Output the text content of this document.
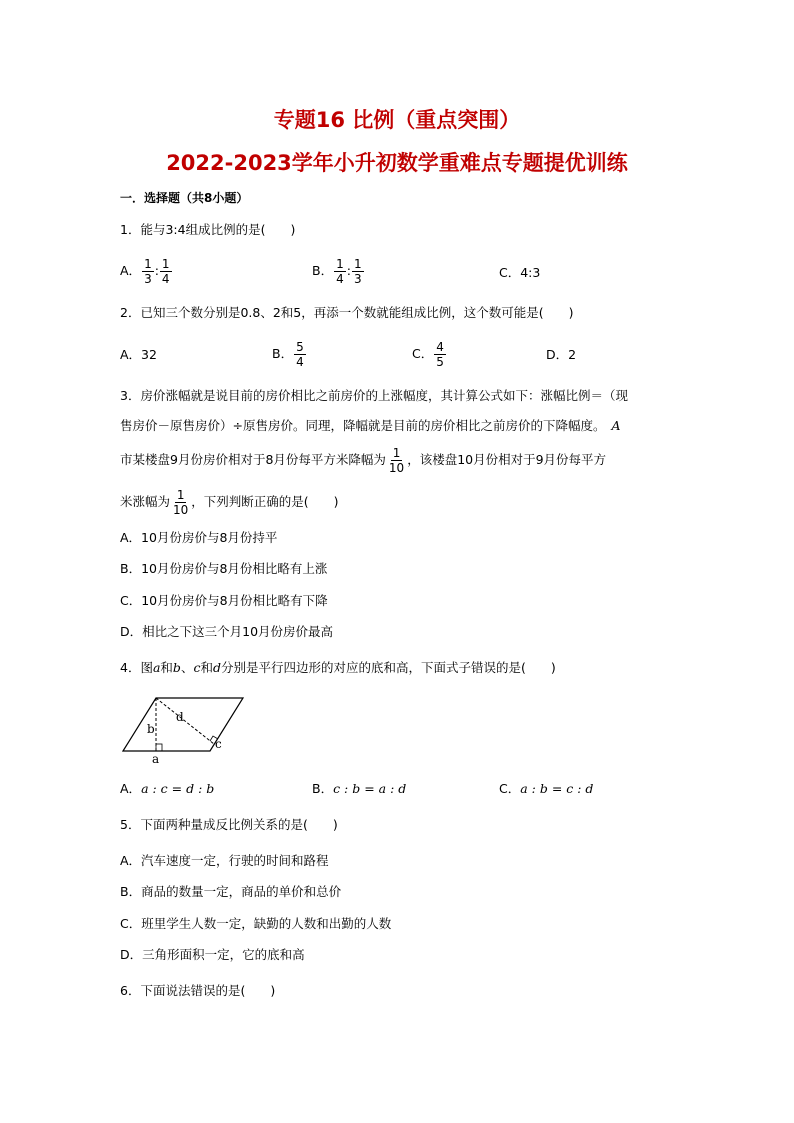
专题16 比例（重点突围）
2022-2023学年小升初数学重难点专题提优训练
一．选择题（共8小题）
1．能与3:4组成比例的是(　　)
A． $\frac{1}{3}$ : $\frac{1}{4}$	B． $\frac{1}{4}$ : $\frac{1}{3}$	C．4:3
2．已知三个数分别是0.8、2和5，再添一个数就能组成比例，这个数可能是(　　)
A．32	B． $\frac{5}{4}$	C． $\frac{4}{5}$	D．2
3．房价涨幅就是说目前的房价相比之前房价的上涨幅度，其计算公式如下：涨幅比例＝（现
售房价－原售房价）÷原售房价。同理，降幅就是目前的房价相比之前房价的下降幅度。 A
市某楼盘9月份房价相对于8月份每平方米降幅为 $\frac{1}{10}$ ，该楼盘10月份相对于9月份每平方
米涨幅为 $\frac{1}{10}$ ，下列判断正确的是(　　)
A．10月份房价与8月份持平
B．10月份房价与8月份相比略有上涨
C．10月份房价与8月份相比略有下降
D．相比之下这三个月10月份房价最高
4．图a和b、c和d分别是平行四边形的对应的底和高，下面式子错误的是(　　)
b
d
c
a
A．a : c = d : b	B．c : b = a : d	C．a : b = c : d
5．下面两种量成反比例关系的是(　　)
A．汽车速度一定，行驶的时间和路程
B．商品的数量一定，商品的单价和总价
C．班里学生人数一定，缺勤的人数和出勤的人数
D．三角形面积一定，它的底和高
6．下面说法错误的是(　　)
